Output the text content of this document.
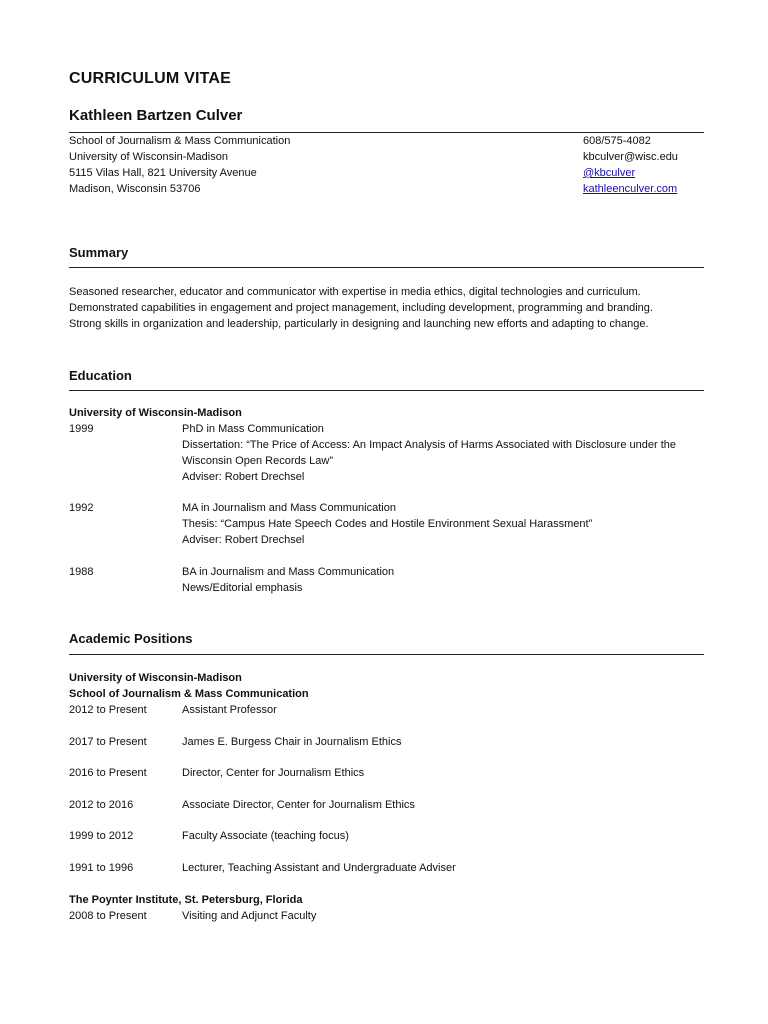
CURRICULUM VITAE
Kathleen Bartzen Culver
School of Journalism & Mass Communication
University of Wisconsin-Madison
5115 Vilas Hall, 821 University Avenue
Madison, Wisconsin 53706
608/575-4082
kbculver@wisc.edu
@kbculver
kathleenculver.com
Summary
Seasoned researcher, educator and communicator with expertise in media ethics, digital technologies and curriculum.
Demonstrated capabilities in engagement and project management, including development, programming and branding.
Strong skills in organization and leadership, particularly in designing and launching new efforts and adapting to change.
Education
University of Wisconsin-Madison
1999	PhD in Mass Communication
Dissertation: “The Price of Access: An Impact Analysis of Harms Associated with Disclosure under the
Wisconsin Open Records Law”
Adviser: Robert Drechsel
1992	MA in Journalism and Mass Communication
Thesis: “Campus Hate Speech Codes and Hostile Environment Sexual Harassment”
Adviser: Robert Drechsel
1988	BA in Journalism and Mass Communication
News/Editorial emphasis
Academic Positions
University of Wisconsin-Madison
School of Journalism & Mass Communication
2012 to Present	Assistant Professor
2017 to Present	James E. Burgess Chair in Journalism Ethics
2016 to Present	Director, Center for Journalism Ethics
2012 to 2016	Associate Director, Center for Journalism Ethics
1999 to 2012	Faculty Associate (teaching focus)
1991 to 1996	Lecturer, Teaching Assistant and Undergraduate Adviser
The Poynter Institute, St. Petersburg, Florida
2008 to Present	Visiting and Adjunct Faculty
